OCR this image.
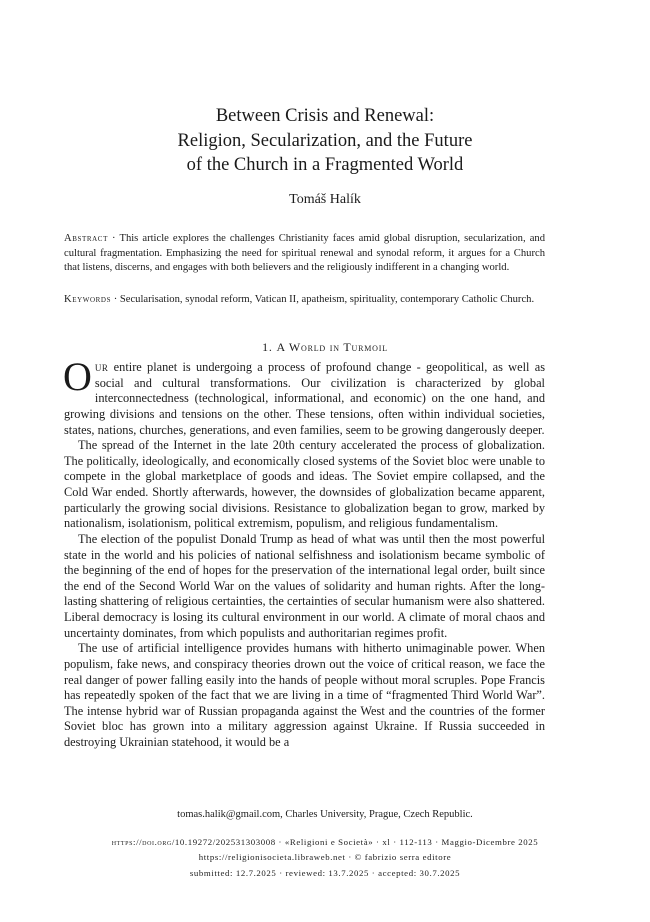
Between Crisis and Renewal:
Religion, Secularization, and the Future
of the Church in a Fragmented World
Tomáš Halík
Abstract · This article explores the challenges Christianity faces amid global disruption, secularization, and cultural fragmentation. Emphasizing the need for spiritual renewal and synodal reform, it argues for a Church that listens, discerns, and engages with both believers and the religiously indifferent in a changing world.
Keywords · Secularisation, synodal reform, Vatican II, apatheism, spirituality, contemporary Catholic Church.
1. A World in Turmoil

Our entire planet is undergoing a process of profound change - geopolitical, as well as social and cultural transformations. Our civilization is characterized by global interconnectedness (technological, informational, and economic) on the one hand, and growing divisions and tensions on the other. These tensions, often within individual societies, states, nations, churches, generations, and even families, seem to be growing dangerously deeper.

The spread of the Internet in the late 20th century accelerated the process of globalization. The politically, ideologically, and economically closed systems of the Soviet bloc were unable to compete in the global marketplace of goods and ideas. The Soviet empire collapsed, and the Cold War ended. Shortly afterwards, however, the downsides of globalization became apparent, particularly the growing social divisions. Resistance to globalization began to grow, marked by nationalism, isolationism, political extremism, populism, and religious fundamentalism.

The election of the populist Donald Trump as head of what was until then the most powerful state in the world and his policies of national selfishness and isolationism became symbolic of the beginning of the end of hopes for the preservation of the international legal order, built since the end of the Second World War on the values of solidarity and human rights. After the long-lasting shattering of religious certainties, the certainties of secular humanism were also shattered. Liberal democracy is losing its cultural environment in our world. A climate of moral chaos and uncertainty dominates, from which populists and authoritarian regimes profit.

The use of artificial intelligence provides humans with hitherto unimaginable power. When populism, fake news, and conspiracy theories drown out the voice of critical reason, we face the real danger of power falling easily into the hands of people without moral scruples. Pope Francis has repeatedly spoken of the fact that we are living in a time of “fragmented Third World War”. The intense hybrid war of Russian propaganda against the West and the countries of the former Soviet bloc has grown into a military aggression against Ukraine. If Russia succeeded in destroying Ukrainian statehood, it would be a

tomas.halik@gmail.com, Charles University, Prague, Czech Republic.
https://doi.org/10.19272/202531303008 · «Religioni e Società» · xl · 112-113 · Maggio-Dicembre 2025
https://religionisocieta.libraweb.net · © fabrizio serra editore
submitted: 12.7.2025 · reviewed: 13.7.2025 · accepted: 30.7.2025
